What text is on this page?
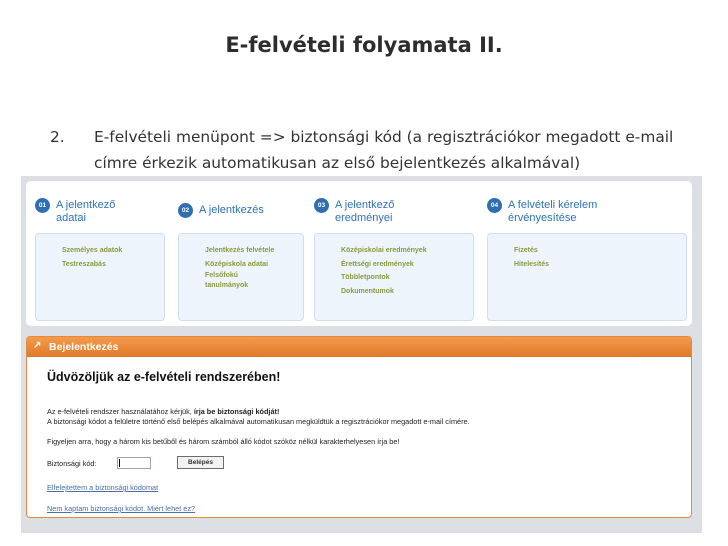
E-felvételi folyamata II.
2. E-felvételi menüpont => biztonsági kód (a regisztrációkor megadott e-mail címre érkezik automatikusan az első bejelentkezés alkalmával)
01 A jelentkező adatai
Személyes adatok
Testreszabás
02 A jelentkezés
Jelentkezés felvétele
Középiskola adatai
Felsőfokú tanulmányok
03 A jelentkező eredményei
Középiskolai eredmények
Érettségi eredmények
Többletpontok
Dokumentumok
04 A felvételi kérelem érvényesítése
Fizetés
Hitelesítés
↗ Bejelentkezés
Üdvözöljük az e-felvételi rendszerében!
Az e-felvételi rendszer használatához kérjük, írja be biztonsági kódját!
A biztonsági kódot a felületre történő első belépés alkalmával automatikusan megküldtük a regisztrációkor megadott e-mail címére.
Figyeljen arra, hogy a három kis betűből és három számból álló kódot szóköz nélkül karakterhelyesen írja be!
Biztonsági kód:	Belépés
Elfelejtettem a biztonsági kódomat
Nem kaptam biztonsági kódot. Miért lehet ez?
